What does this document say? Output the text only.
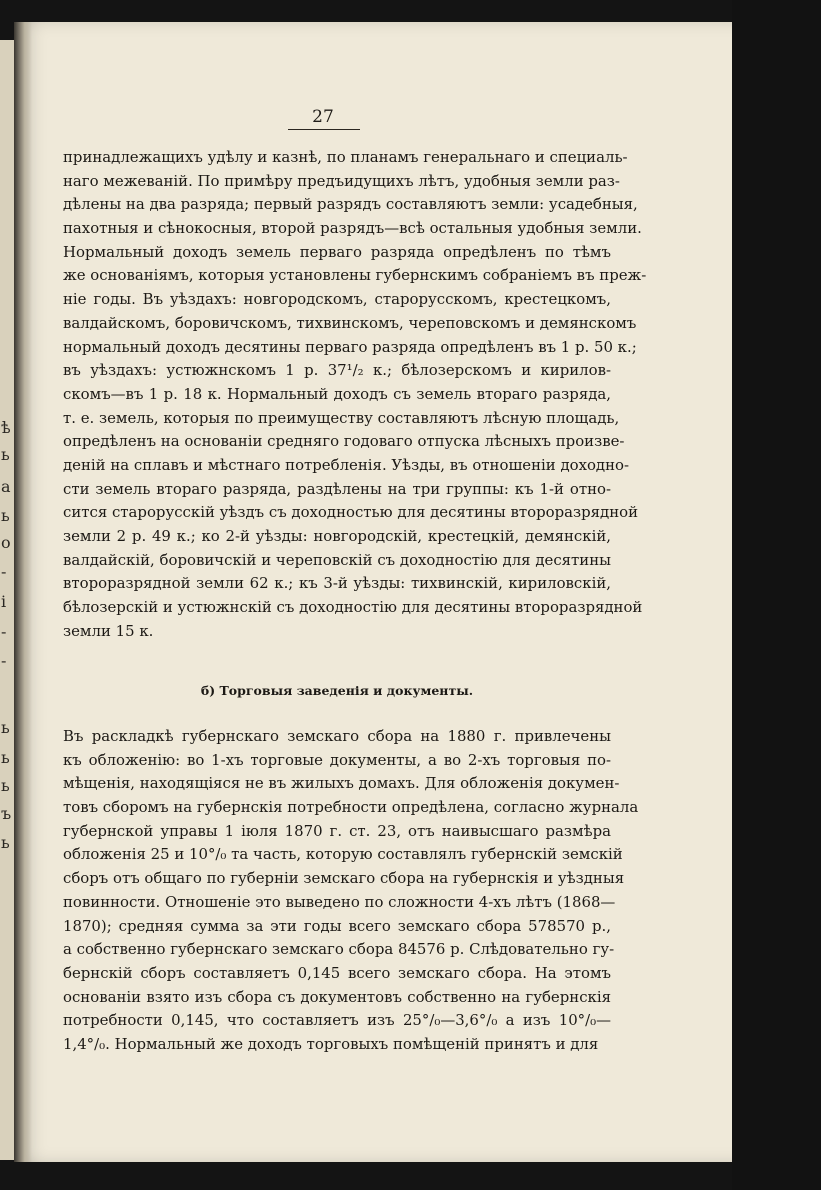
ѣ
ь
а
ь
о
-
і
-
-
ь
ь
ь
ъ
ь
27
принадлежащихъ удѣлу и казнѣ, по планамъ генеральнаго и специаль-
наго межеваній. По примѣру предъидущихъ лѣтъ, удобныя земли раз-
дѣлены на два разряда; первый разрядъ составляютъ земли: усадебныя,
пахотныя и сѣнокосныя, второй разрядъ—всѣ остальныя удобныя земли.
Нормальный доходъ земель перваго разряда опредѣленъ по тѣмъ
же основаніямъ, которыя установлены губернскимъ собраніемъ въ преж-
ніе годы. Въ уѣздахъ: новгородскомъ, старорусскомъ, крестецкомъ,
валдайскомъ, боровичскомъ, тихвинскомъ, череповскомъ и демянскомъ
нормальный доходъ десятины перваго разряда опредѣленъ въ 1 р. 50 к.;
въ уѣздахъ: устюжнскомъ 1 р. 37¹/₂ к.; бѣлозерскомъ и кирилов-
скомъ—въ 1 р. 18 к. Нормальный доходъ съ земель втораго разряда,
т. е. земель, которыя по преимуществу составляютъ лѣсную площадь,
опредѣленъ на основаніи средняго годоваго отпуска лѣсныхъ произве-
деній на сплавъ и мѣстнаго потребленія. Уѣзды, въ отношеніи доходно-
сти земель втораго разряда, раздѣлены на три группы: къ 1-й отно-
сится старорусскій уѣздъ съ доходностью для десятины второразрядной
земли 2 р. 49 к.; ко 2-й уѣзды: новгородскій, крестецкій, демянскій,
валдайскій, боровичскій и череповскій съ доходностію для десятины
второразрядной земли 62 к.; къ 3-й уѣзды: тихвинскій, кириловскій,
бѣлозерскій и устюжнскій съ доходностію для десятины второразрядной
земли 15 к.
б) Торговыя заведенія и документы.
Въ раскладкѣ губернскаго земскаго сбора на 1880 г. привлечены
къ обложенію: во 1-хъ торговые документы, а во 2-хъ торговыя по-
мѣщенія, находящіяся не въ жилыхъ домахъ. Для обложенія докумен-
товъ сборомъ на губернскія потребности опредѣлена, согласно журнала
губернской управы 1 іюля 1870 г. ст. 23, отъ наивысшаго размѣра
обложенія 25 и 10°/₀ та часть, которую составлялъ губернскій земскій
сборъ отъ общаго по губерніи земскаго сбора на губернскія и уѣздныя
повинности. Отношеніе это выведено по сложности 4-хъ лѣтъ (1868—
1870); средняя сумма за эти годы всего земскаго сбора 578570 р.,
а собственно губернскаго земскаго сбора 84576 р. Слѣдовательно гу-
бернскій сборъ составляетъ 0,145 всего земскаго сбора. На этомъ
основаніи взято изъ сбора съ документовъ собственно на губернскія
потребности 0,145, что составляетъ изъ 25°/₀—3,6°/₀ а изъ 10°/₀—
1,4°/₀. Нормальный же доходъ торговыхъ помѣщеній принятъ и для
